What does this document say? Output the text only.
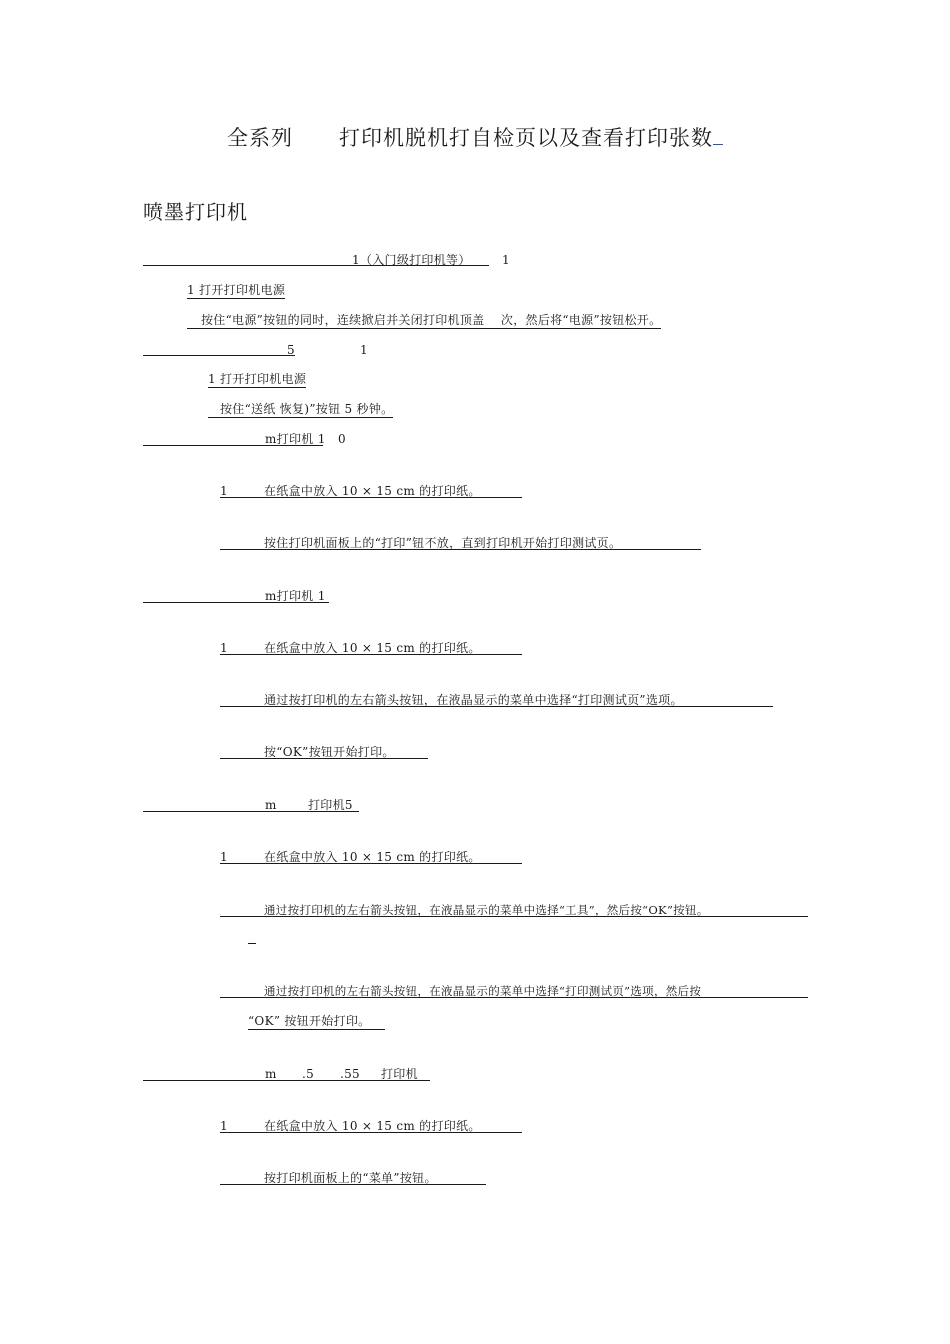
全系列 打印机脱机打自检页以及查看打印张数
喷墨打印机
1（入门级打印机等）	1
1 打开打印机电源
按住“电源”按钮的同时，连续掀启并关闭打印机顶盖    次，然后将“电源”按钮松开。
5	1
1 打开打印机电源
按住“送纸 恢复)”按钮 5 秒钟。
m打印机 1   0
1	在纸盒中放入 10 × 15 cm 的打印纸。
按住打印机面板上的“打印”钮不放，直到打印机开始打印测试页。
m打印机 1
1	在纸盒中放入 10 × 15 cm 的打印纸。
通过按打印机的左右箭头按钮，在液晶显示的菜单中选择“打印测试页”选项。
按“OK”按钮开始打印。
m	打印机5
1	在纸盒中放入 10 × 15 cm 的打印纸。
通过按打印机的左右箭头按钮，在液晶显示的菜单中选择“工具”，然后按“OK”按钮。
通过按打印机的左右箭头按钮，在液晶显示的菜单中选择“打印测试页”选项，然后按
“OK” 按钮开始打印。
m .5 .55 打印机
1	在纸盒中放入 10 × 15 cm 的打印纸。
按打印机面板上的“菜单”按钮。
